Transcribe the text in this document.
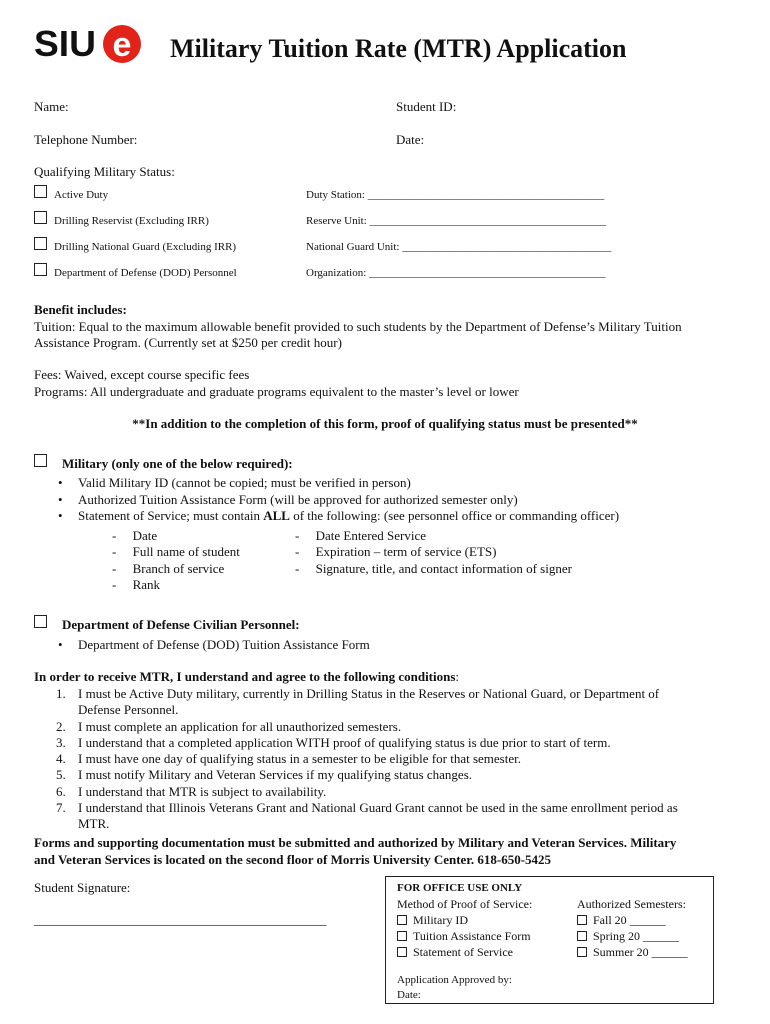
SIU e Military Tuition Rate (MTR) Application
Name:	Student ID:
Telephone Number:	Date:
Qualifying Military Status:
Active Duty	Duty Station: ___________________________________________
Drilling Reservist (Excluding IRR)	Reserve Unit: ___________________________________________
Drilling National Guard (Excluding IRR)	National Guard Unit: ______________________________________
Department of Defense (DOD) Personnel	Organization: ___________________________________________
Benefit includes:
Tuition: Equal to the maximum allowable benefit provided to such students by the Department of Defense’s Military Tuition
Assistance Program. (Currently set at $250 per credit hour)
Fees: Waived, except course specific fees
Programs: All undergraduate and graduate programs equivalent to the master’s level or lower
**In addition to the completion of this form, proof of qualifying status must be presented**
Military (only one of the below required):
• Valid Military ID (cannot be copied; must be verified in person)
• Authorized Tuition Assistance Form (will be approved for authorized semester only)
• Statement of Service; must contain ALL of the following: (see personnel office or commanding officer)
-     Date
-     Full name of student
-     Branch of service
-     Rank
-     Date Entered Service
-     Expiration – term of service (ETS)
-     Signature, title, and contact information of signer
Department of Defense Civilian Personnel:
• Department of Defense (DOD) Tuition Assistance Form
In order to receive MTR, I understand and agree to the following conditions:
1. I must be Active Duty military, currently in Drilling Status in the Reserves or National Guard, or Department of
Defense Personnel.
2. I must complete an application for all unauthorized semesters.
3. I understand that a completed application WITH proof of qualifying status is due prior to start of term.
4. I must have one day of qualifying status in a semester to be eligible for that semester.
5. I must notify Military and Veteran Services if my qualifying status changes.
6. I understand that MTR is subject to availability.
7. I understand that Illinois Veterans Grant and National Guard Grant cannot be used in the same enrollment period as
MTR.
Forms and supporting documentation must be submitted and authorized by Military and Veteran Services. Military
and Veteran Services is located on the second floor of Morris University Center. 618-650-5425
Student Signature:
_____________________________________________
FOR OFFICE USE ONLY
Method of Proof of Service:
Military ID
Tuition Assistance Form
Statement of Service
Authorized Semesters:
Fall 20 ______
Spring 20 ______
Summer 20 ______
Application Approved by:
Date:
